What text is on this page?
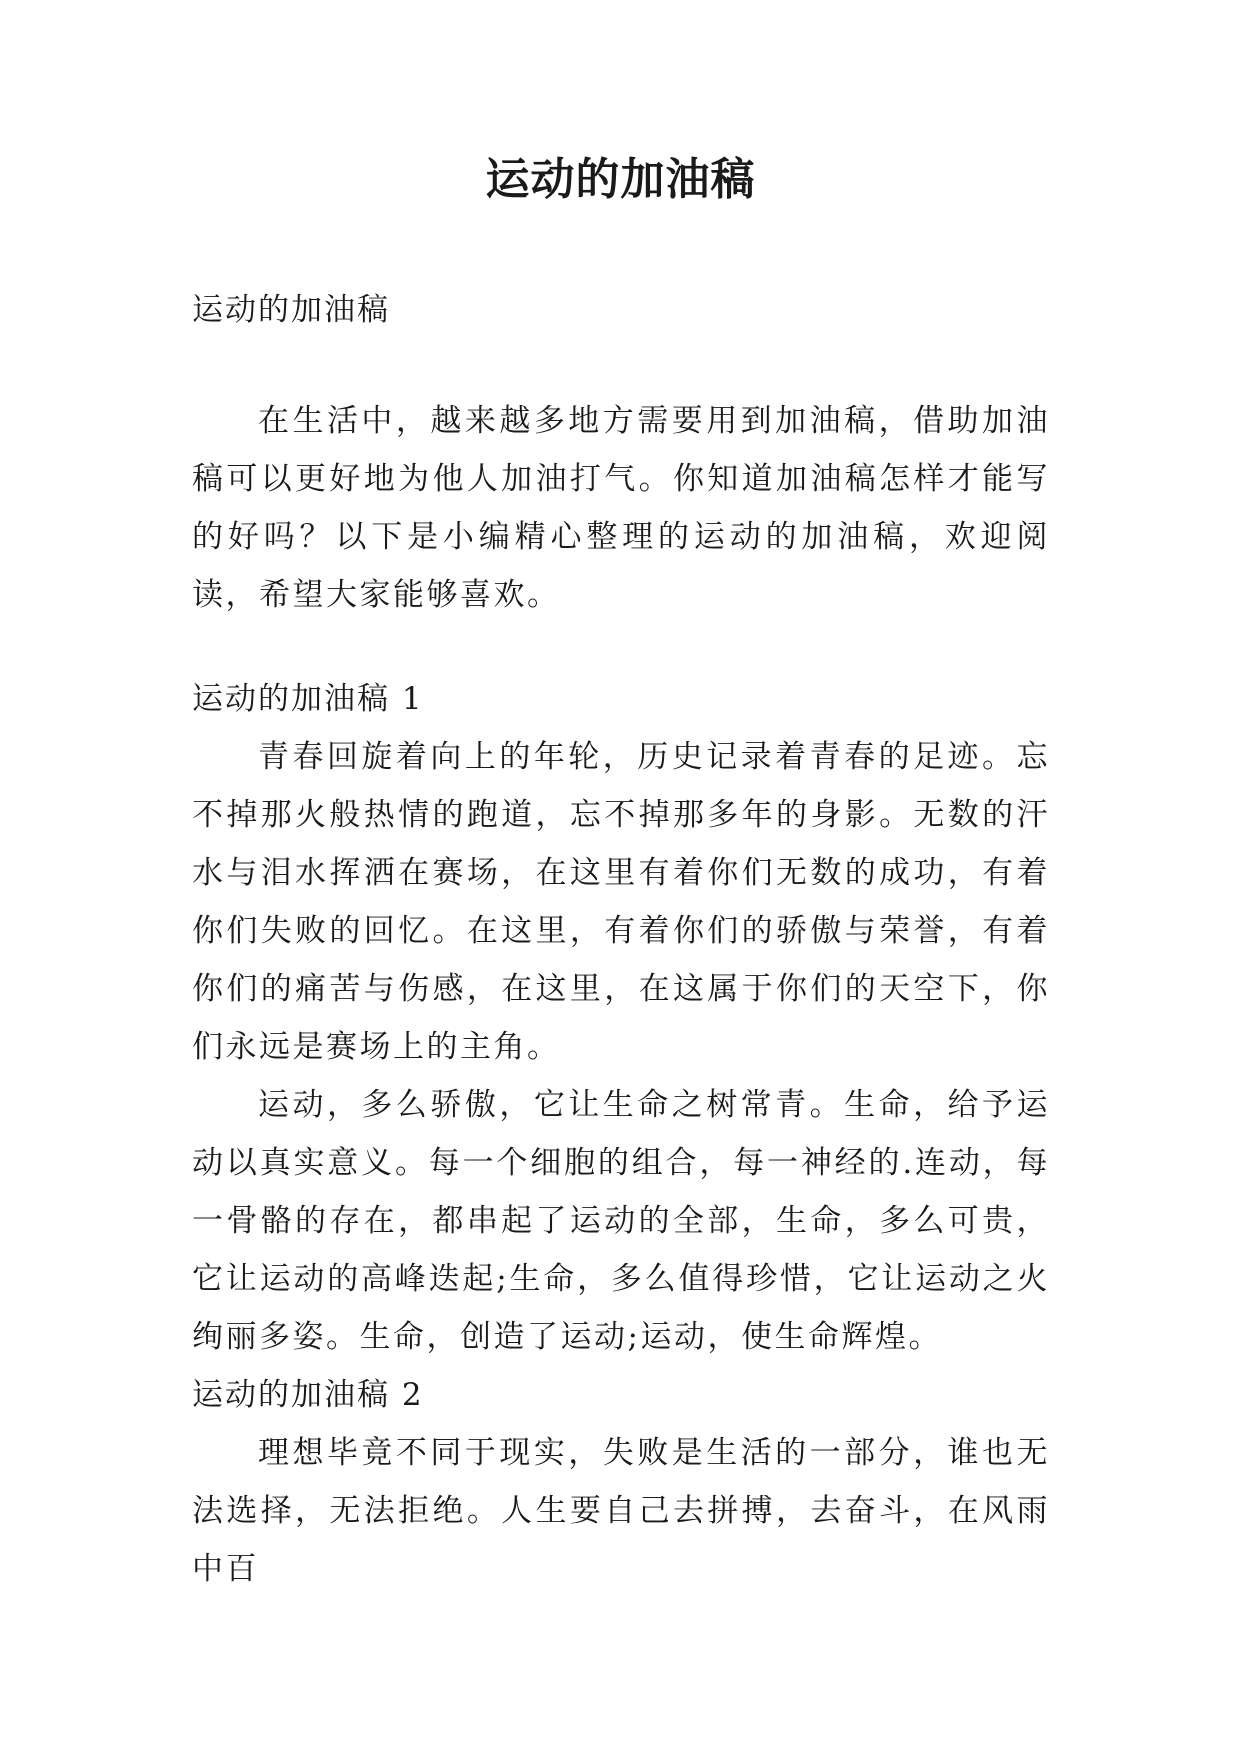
运动的加油稿

运动的加油稿

在生活中，越来越多地方需要用到加油稿，借助加油稿可以更好地为他人加油打气。你知道加油稿怎样才能写的好吗？以下是小编精心整理的运动的加油稿，欢迎阅读，希望大家能够喜欢。

运动的加油稿 1

青春回旋着向上的年轮，历史记录着青春的足迹。忘不掉那火般热情的跑道，忘不掉那多年的身影。无数的汗水与泪水挥洒在赛场，在这里有着你们无数的成功，有着你们失败的回忆。在这里，有着你们的骄傲与荣誉，有着你们的痛苦与伤感，在这里，在这属于你们的天空下，你们永远是赛场上的主角。

运动，多么骄傲，它让生命之树常青。生命，给予运动以真实意义。每一个细胞的组合，每一神经的.连动，每一骨骼的存在，都串起了运动的全部，生命，多么可贵，它让运动的高峰迭起;生命，多么值得珍惜，它让运动之火绚丽多姿。生命，创造了运动;运动，使生命辉煌。

运动的加油稿 2

理想毕竟不同于现实，失败是生活的一部分，谁也无法选择，无法拒绝。人生要自己去拼搏，去奋斗，在风雨中百
